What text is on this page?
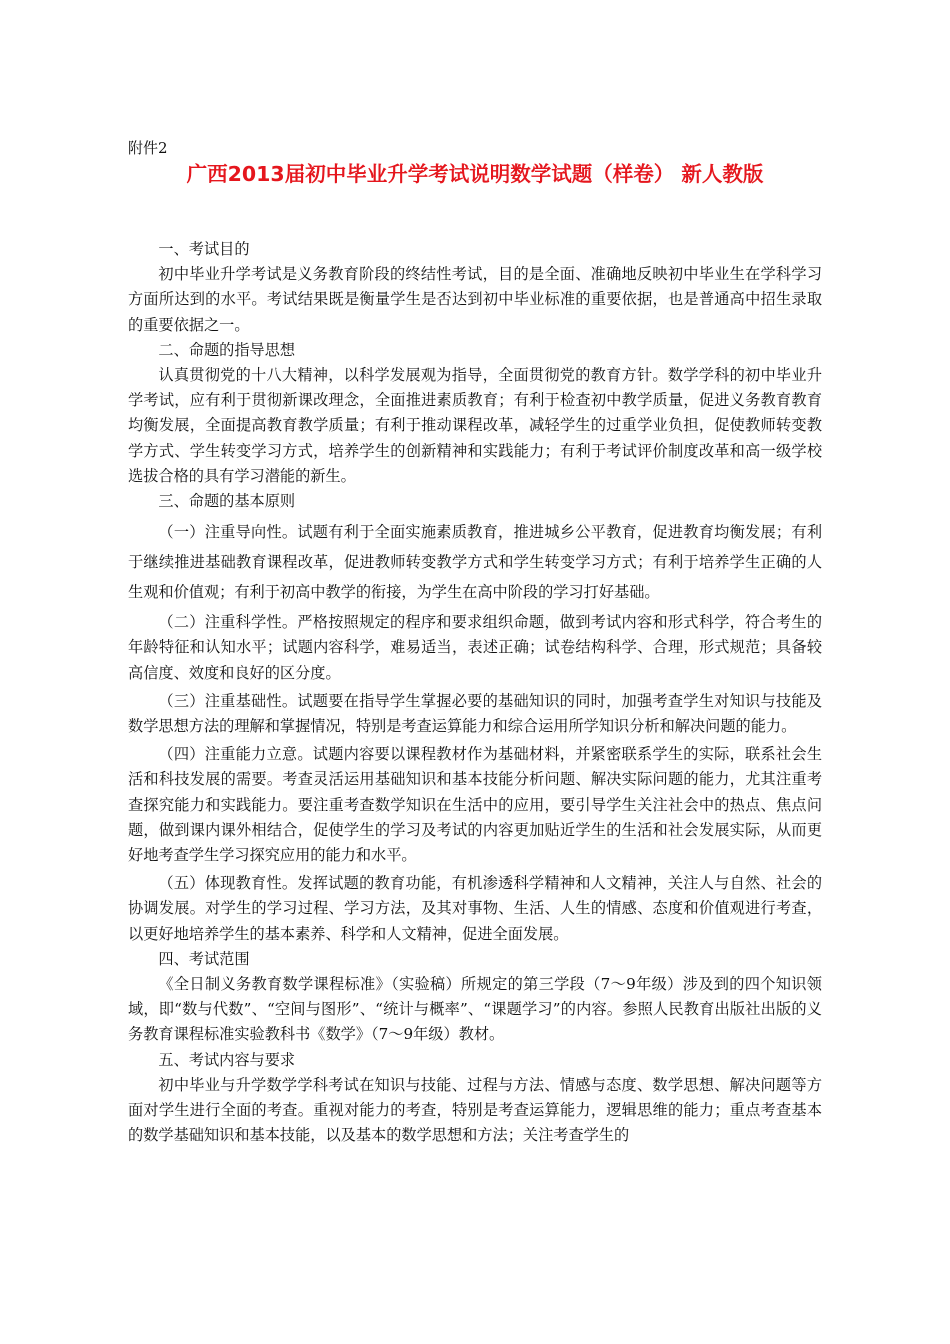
附件2
广西2013届初中毕业升学考试说明数学试题（样卷） 新人教版

一、考试目的

初中毕业升学考试是义务教育阶段的终结性考试，目的是全面、准确地反映初中毕业生在学科学习方面所达到的水平。考试结果既是衡量学生是否达到初中毕业标准的重要依据，也是普通高中招生录取的重要依据之一。

二、命题的指导思想

认真贯彻党的十八大精神，以科学发展观为指导，全面贯彻党的教育方针。数学学科的初中毕业升学考试，应有利于贯彻新课改理念，全面推进素质教育；有利于检查初中教学质量，促进义务教育教育均衡发展，全面提高教育教学质量；有利于推动课程改革，减轻学生的过重学业负担，促使教师转变教学方式、学生转变学习方式，培养学生的创新精神和实践能力；有利于考试评价制度改革和高一级学校选拔合格的具有学习潜能的新生。

三、命题的基本原则

（一）注重导向性。试题有利于全面实施素质教育，推进城乡公平教育，促进教育均衡发展；有利于继续推进基础教育课程改革，促进教师转变教学方式和学生转变学习方式；有利于培养学生正确的人生观和价值观；有利于初高中教学的衔接，为学生在高中阶段的学习打好基础。

（二）注重科学性。严格按照规定的程序和要求组织命题，做到考试内容和形式科学，符合考生的年龄特征和认知水平；试题内容科学，难易适当，表述正确；试卷结构科学、合理，形式规范；具备较高信度、效度和良好的区分度。

（三）注重基础性。试题要在指导学生掌握必要的基础知识的同时，加强考查学生对知识与技能及数学思想方法的理解和掌握情况，特别是考查运算能力和综合运用所学知识分析和解决问题的能力。

（四）注重能力立意。试题内容要以课程教材作为基础材料，并紧密联系学生的实际，联系社会生活和科技发展的需要。考查灵活运用基础知识和基本技能分析问题、解决实际问题的能力，尤其注重考查探究能力和实践能力。要注重考查数学知识在生活中的应用，要引导学生关注社会中的热点、焦点问题，做到课内课外相结合，促使学生的学习及考试的内容更加贴近学生的生活和社会发展实际，从而更好地考查学生学习探究应用的能力和水平。

（五）体现教育性。发挥试题的教育功能，有机渗透科学精神和人文精神，关注人与自然、社会的协调发展。对学生的学习过程、学习方法，及其对事物、生活、人生的情感、态度和价值观进行考查，以更好地培养学生的基本素养、科学和人文精神，促进全面发展。

四、考试范围

《全日制义务教育数学课程标准》（实验稿）所规定的第三学段（7～9年级）涉及到的四个知识领域，即“数与代数”、“空间与图形”、“统计与概率”、“课题学习”的内容。参照人民教育出版社出版的义务教育课程标准实验教科书《数学》（7～9年级）教材。

五、考试内容与要求

初中毕业与升学数学学科考试在知识与技能、过程与方法、情感与态度、数学思想、解决问题等方面对学生进行全面的考查。重视对能力的考查，特别是考查运算能力，逻辑思维的能力；重点考查基本的数学基础知识和基本技能，以及基本的数学思想和方法；关注考查学生的
